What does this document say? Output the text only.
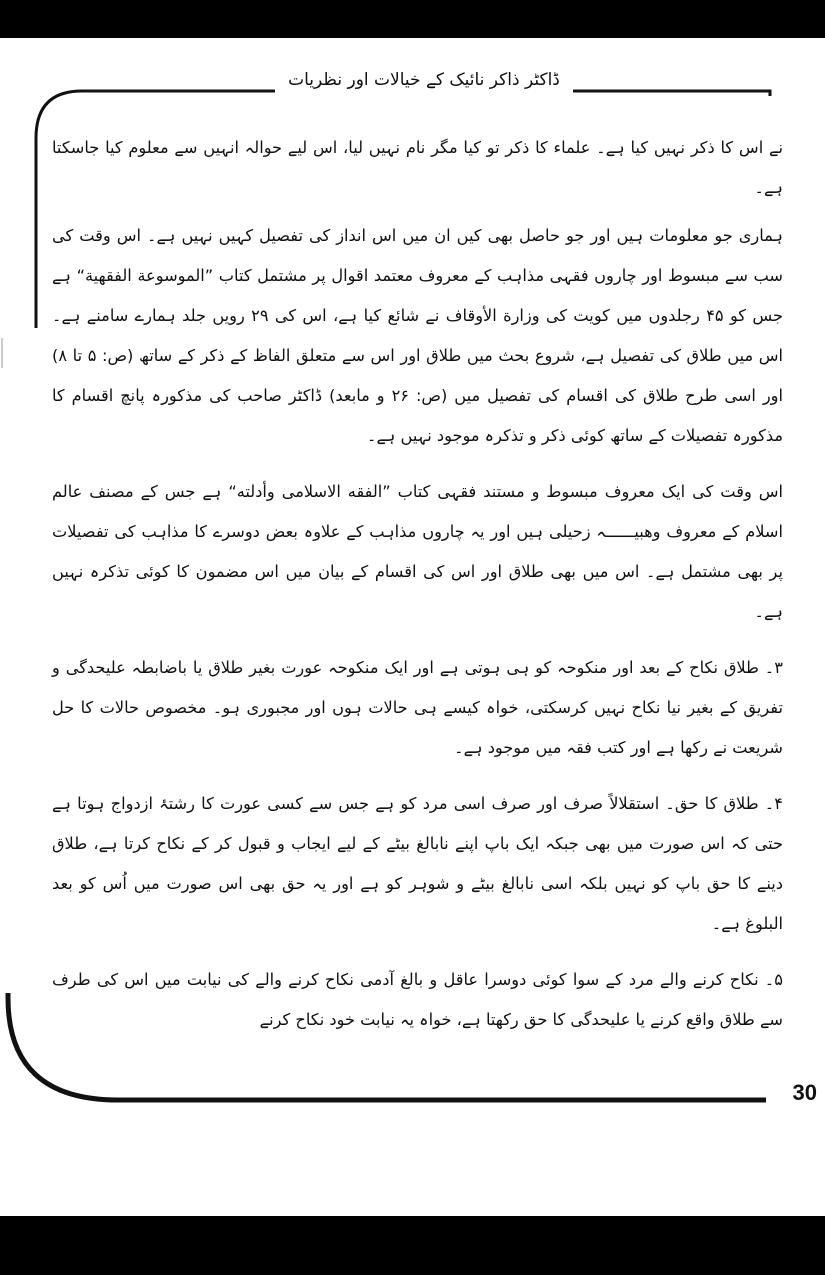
ڈاکٹر ذاکر نائیک کے خیالات اور نظریات

نے اس کا ذکر نہیں کیا ہے۔ علماء کا ذکر تو کیا مگر نام نہیں لیا، اس لیے حوالہ انہیں سے معلوم کیا جاسکتا ہے۔

ہماری جو معلومات ہیں اور جو حاصل بھی کیں ان میں اس انداز کی تفصیل کہیں نہیں ہے۔ اس وقت کی سب سے مبسوط اور چاروں فقہی مذاہب کے معروف معتمد اقوال پر مشتمل کتاب ”الموسوعة الفقهية“ ہے جس کو ۴۵ رجلدوں میں کویت کی وزارة الأوقاف نے شائع کیا ہے، اس کی ۲۹ رویں جلد ہمارے سامنے ہے۔ اس میں طلاق کی تفصیل ہے، شروع بحث میں طلاق اور اس سے متعلق الفاظ کے ذکر کے ساتھ (ص: ۵ تا ۸) اور اسی طرح طلاق کی اقسام کی تفصیل میں (ص: ۲۶ و مابعد) ڈاکٹر صاحب کی مذکورہ پانچ اقسام کا مذکورہ تفصیلات کے ساتھ کوئی ذکر و تذکرہ موجود نہیں ہے۔

اس وقت کی ایک معروف مبسوط و مستند فقہی کتاب ”الفقه الاسلامی وأدلته“ ہے جس کے مصنف عالم اسلام کے معروف وھبیــــــہ زحیلی ہیں اور یہ چاروں مذاہب کے علاوہ بعض دوسرے کا مذاہب کی تفصیلات پر بھی مشتمل ہے۔ اس میں بھی طلاق اور اس کی اقسام کے بیان میں اس مضمون کا کوئی تذکرہ نہیں ہے۔

۳۔ طلاق نکاح کے بعد اور منکوحہ کو ہی ہوتی ہے اور ایک منکوحہ عورت بغیر طلاق یا باضابطہ علیحدگی و تفریق کے بغیر نیا نکاح نہیں کرسکتی، خواہ کیسے ہی حالات ہوں اور مجبوری ہو۔ مخصوص حالات کا حل شریعت نے رکھا ہے اور کتب فقہ میں موجود ہے۔

۴۔ طلاق کا حق۔ استقلالاً صرف اور صرف اسی مرد کو ہے جس سے کسی عورت کا رشتۂ ازدواج ہوتا ہے حتی کہ اس صورت میں بھی جبکہ ایک باپ اپنے نابالغ بیٹے کے لیے ایجاب و قبول کر کے نکاح کرتا ہے، طلاق دینے کا حق باپ کو نہیں بلکہ اسی نابالغ بیٹے و شوہر کو ہے اور یہ حق بھی اس صورت میں اُس کو بعد البلوغ ہے۔

۵۔ نکاح کرنے والے مرد کے سوا کوئی دوسرا عاقل و بالغ آدمی نکاح کرنے والے کی نیابت میں اس کی طرف سے طلاق واقع کرنے یا علیحدگی کا حق رکھتا ہے، خواہ یہ نیابت خود نکاح کرنے

30
